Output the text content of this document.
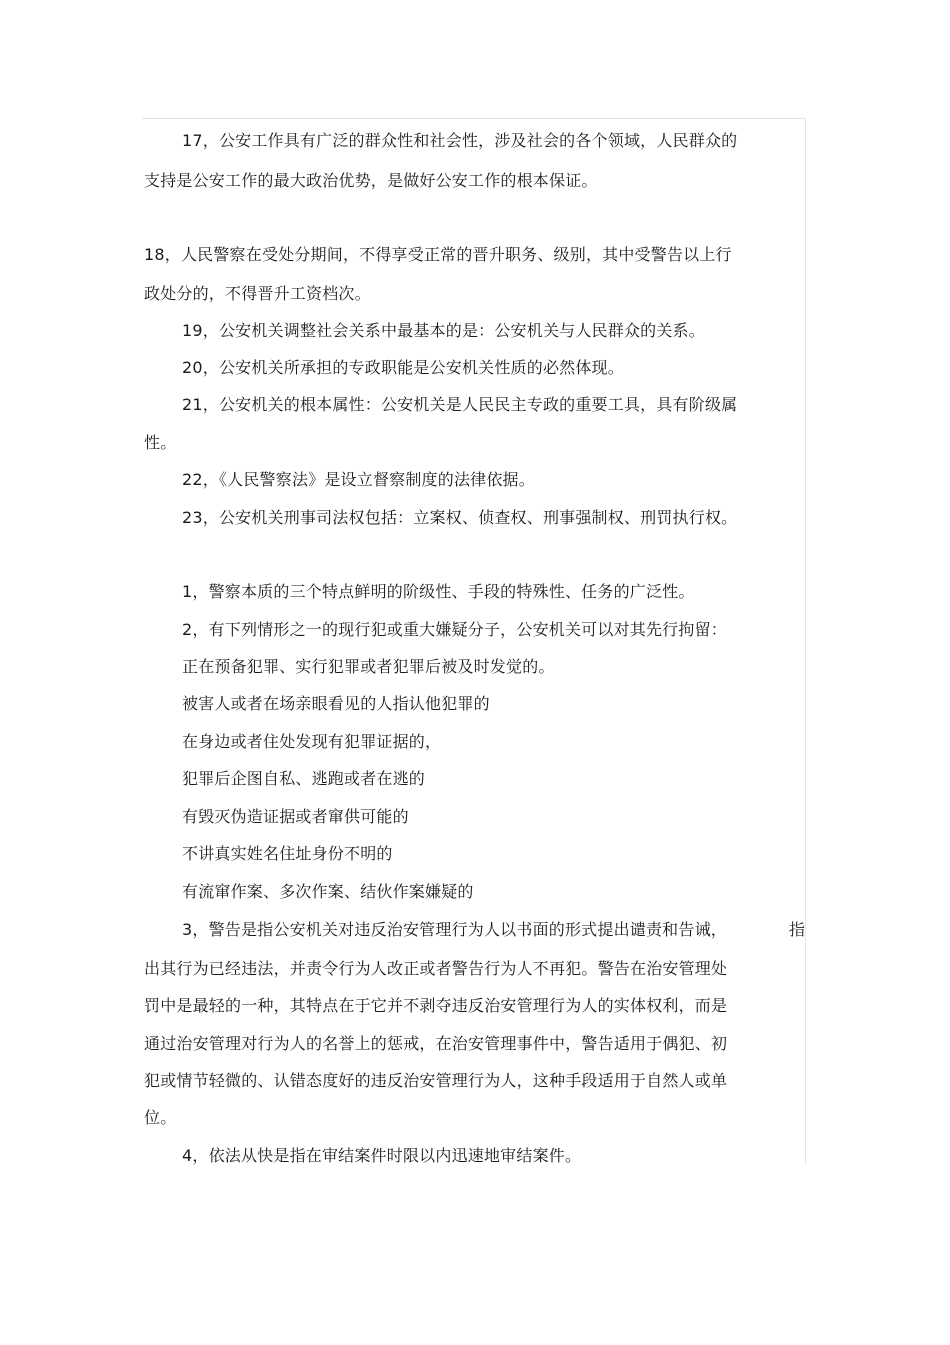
17，公安工作具有广泛的群众性和社会性，涉及社会的各个领域，人民群众的
支持是公安工作的最大政治优势，是做好公安工作的根本保证。
18，人民警察在受处分期间，不得享受正常的晋升职务、级别，其中受警告以上行
政处分的，不得晋升工资档次。
19，公安机关调整社会关系中最基本的是：公安机关与人民群众的关系。
20，公安机关所承担的专政职能是公安机关性质的必然体现。
21，公安机关的根本属性：公安机关是人民民主专政的重要工具，具有阶级属
性。
22，《人民警察法》是设立督察制度的法律依据。
23，公安机关刑事司法权包括：立案权、侦查权、刑事强制权、刑罚执行权。
1，警察本质的三个特点鲜明的阶级性、手段的特殊性、任务的广泛性。
2，有下列情形之一的现行犯或重大嫌疑分子，公安机关可以对其先行拘留：
正在预备犯罪、实行犯罪或者犯罪后被及时发觉的。
被害人或者在场亲眼看见的人指认他犯罪的
在身边或者住处发现有犯罪证据的，
犯罪后企图自私、逃跑或者在逃的
有毁灭伪造证据或者窜供可能的
不讲真实姓名住址身份不明的
有流窜作案、多次作案、结伙作案嫌疑的
3，警告是指公安机关对违反治安管理行为人以书面的形式提出谴责和告诫，	指
出其行为已经违法，并责令行为人改正或者警告行为人不再犯。警告在治安管理处
罚中是最轻的一种，其特点在于它并不剥夺违反治安管理行为人的实体权利，而是
通过治安管理对行为人的名誉上的惩戒，在治安管理事件中，警告适用于偶犯、初
犯或情节轻微的、认错态度好的违反治安管理行为人，这种手段适用于自然人或单
位。
4，依法从快是指在审结案件时限以内迅速地审结案件。
